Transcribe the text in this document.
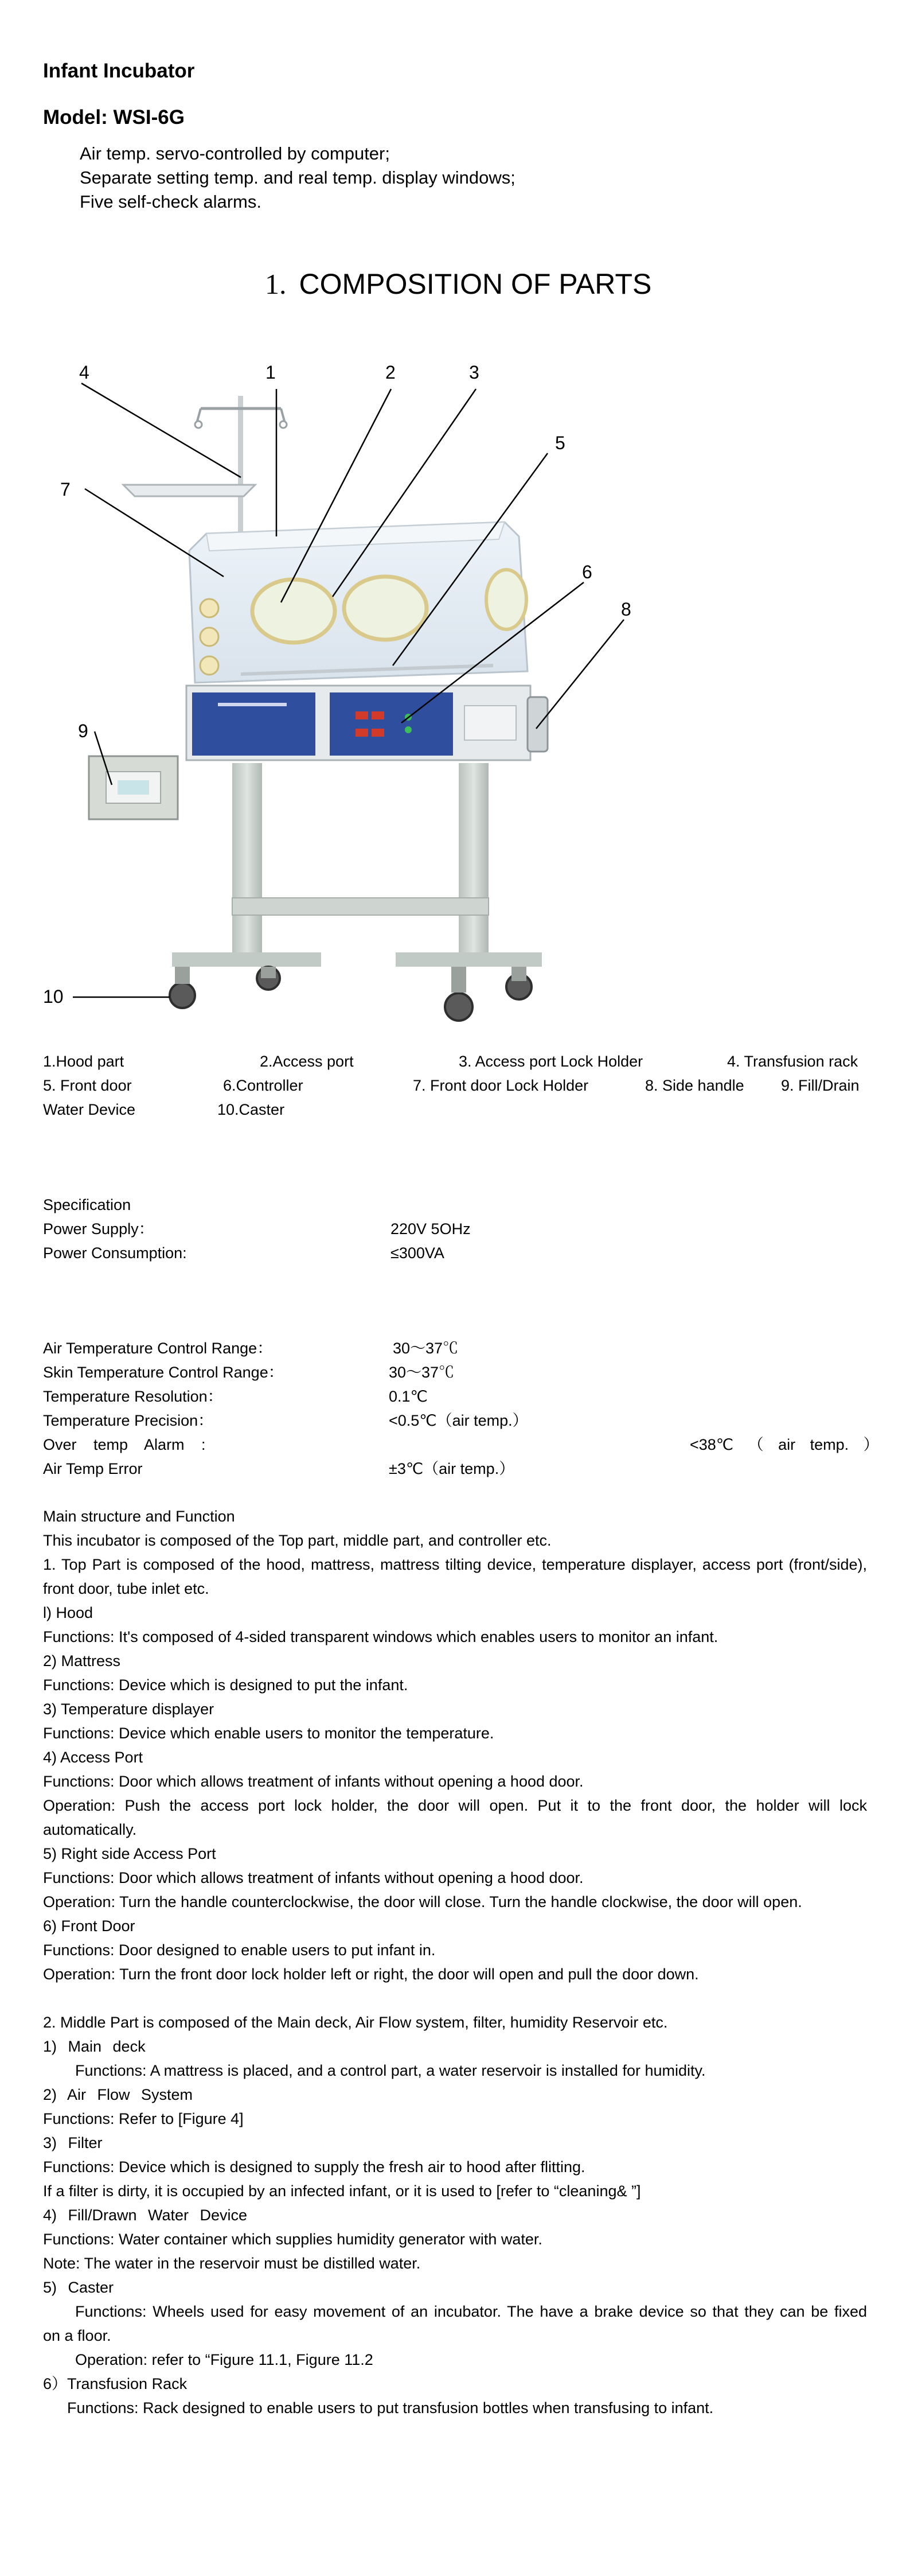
Infant Incubator
Model: WSI-6G
Air temp. servo-controlled by computer;
Separate setting temp. and real temp. display windows;
Five self-check alarms.
1. COMPOSITION OF PARTS
4	1	2	3
5
7
6
8
9
10
1.Hood part	2.Access port	3. Access port Lock Holder	4. Transfusion rack
5. Front door	6.Controller	7. Front door Lock Holder	8. Side handle 9. Fill/Drain
Water Device	10.Caster
Specification
Power Supply：	220V 5OHz
Power Consumption:	≤300VA
Air Temperature Control Range：	30～37℃
Skin Temperature Control Range：	30～37℃
Temperature Resolution：	0.1℃
Temperature Precision：	<0.5℃（air temp.）
Over temp Alarm :	<38℃ （ air temp. ）
Air Temp Error	±3℃（air temp.）
Main structure and Function
This incubator is composed of the Top part, middle part, and controller etc.
1. Top Part is composed of the hood, mattress, mattress tilting device, temperature displayer, access port (front/side),
front door, tube inlet etc.
l) Hood
Functions: It's composed of 4-sided transparent windows which enables users to monitor an infant.
2) Mattress
Functions: Device which is designed to put the infant.
3) Temperature displayer
Functions: Device which enable users to monitor the temperature.
4) Access Port
Functions: Door which allows treatment of infants without opening a hood door.
Operation: Push the access port lock holder, the door will open. Put it to the front door, the holder will lock
automatically.
5) Right side Access Port
Functions: Door which allows treatment of infants without opening a hood door.
Operation: Turn the handle counterclockwise, the door will close. Turn the handle clockwise, the door will open.
6) Front Door
Functions: Door designed to enable users to put infant in.
Operation: Turn the front door lock holder left or right, the door will open and pull the door down.
2. Middle Part is composed of the Main deck, Air Flow system, filter, humidity Reservoir etc.
1) Main deck
Functions: A mattress is placed, and a control part, a water reservoir is installed for humidity.
2) Air Flow System
Functions: Refer to [Figure 4]
3) Filter
Functions: Device which is designed to supply the fresh air to hood after flitting.
If a filter is dirty, it is occupied by an infected infant, or it is used to [refer to “cleaning& ”]
4) Fill/Drawn Water Device
Functions: Water container which supplies humidity generator with water.
Note: The water in the reservoir must be distilled water.
5) Caster
Functions: Wheels used for easy movement of an incubator. The have a brake device so that they can be fixed
on a floor.
Operation: refer to “Figure 11.1, Figure 11.2
6）Transfusion Rack
Functions: Rack designed to enable users to put transfusion bottles when transfusing to infant.
